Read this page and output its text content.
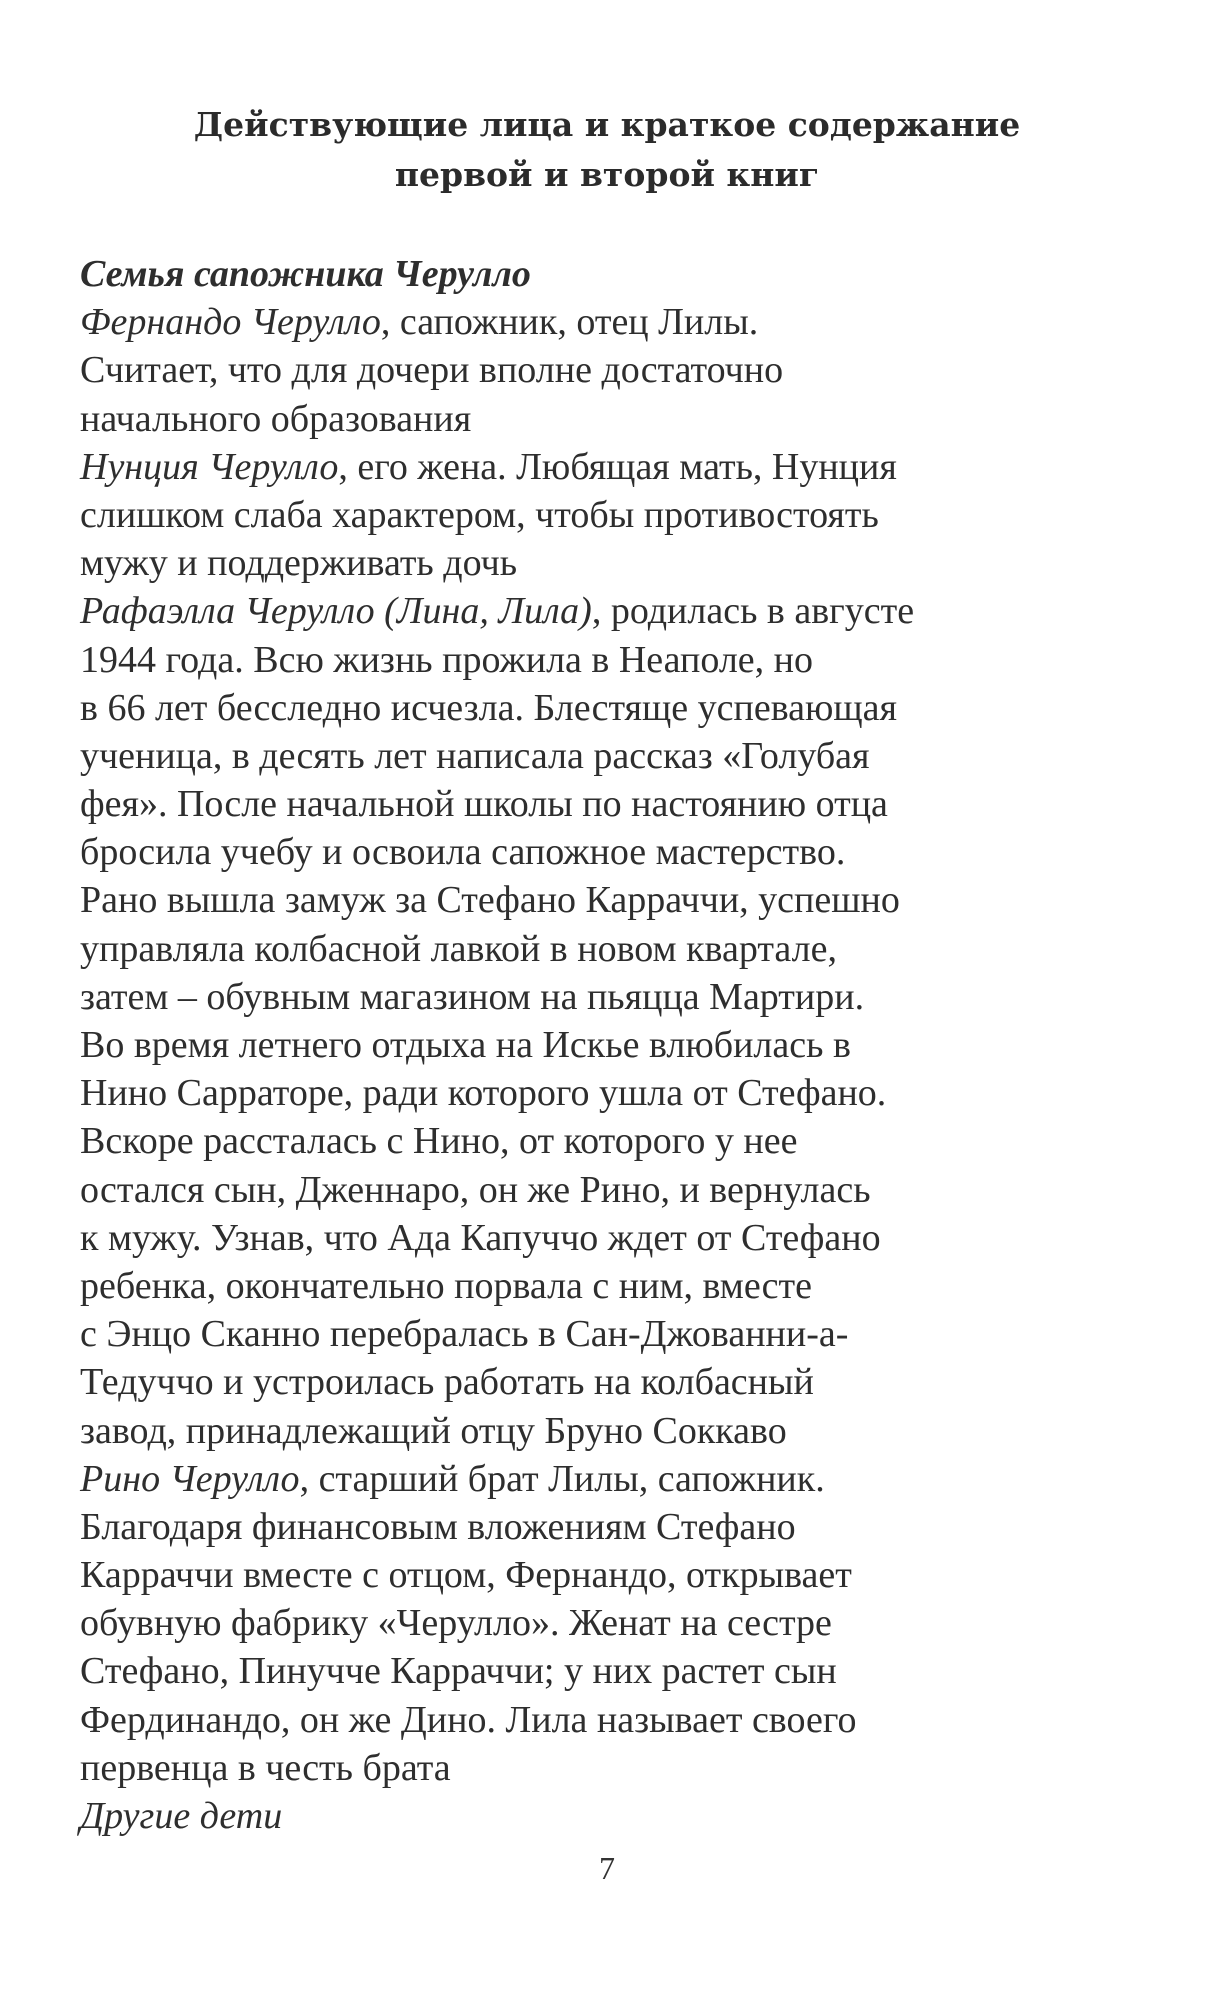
Действующие лица и краткое содержание
первой и второй книг
Семья сапожника Черулло
Фернандо Черулло, сапожник, отец Лилы.
Считает, что для дочери вполне достаточно
начального образования
Нунция Черулло, его жена. Любящая мать, Нунция
слишком слаба характером, чтобы противостоять
мужу и поддерживать дочь
Рафаэлла Черулло (Лина, Лила), родилась в августе
1944 года. Всю жизнь прожила в Неаполе, но
в 66 лет бесследно исчезла. Блестяще успевающая
ученица, в десять лет написала рассказ «Голубая
фея». После начальной школы по настоянию отца
бросила учебу и освоила сапожное мастерство.
Рано вышла замуж за Стефано Карраччи, успешно
управляла колбасной лавкой в новом квартале,
затем – обувным магазином на пьяцца Мартири.
Во время летнего отдыха на Искье влюбилась в
Нино Сарраторе, ради которого ушла от Стефано.
Вскоре рассталась с Нино, от которого у нее
остался сын, Дженнаро, он же Рино, и вернулась
к мужу. Узнав, что Ада Капуччо ждет от Стефано
ребенка, окончательно порвала с ним, вместе
с Энцо Сканно перебралась в Сан-Джованни-а-
Тедуччо и устроилась работать на колбасный
завод, принадлежащий отцу Бруно Соккаво
Рино Черулло, старший брат Лилы, сапожник.
Благодаря финансовым вложениям Стефано
Карраччи вместе с отцом, Фернандо, открывает
обувную фабрику «Черулло». Женат на сестре
Стефано, Пинучче Карраччи; у них растет сын
Фердинандо, он же Дино. Лила называет своего
первенца в честь брата
Другие дети
7
